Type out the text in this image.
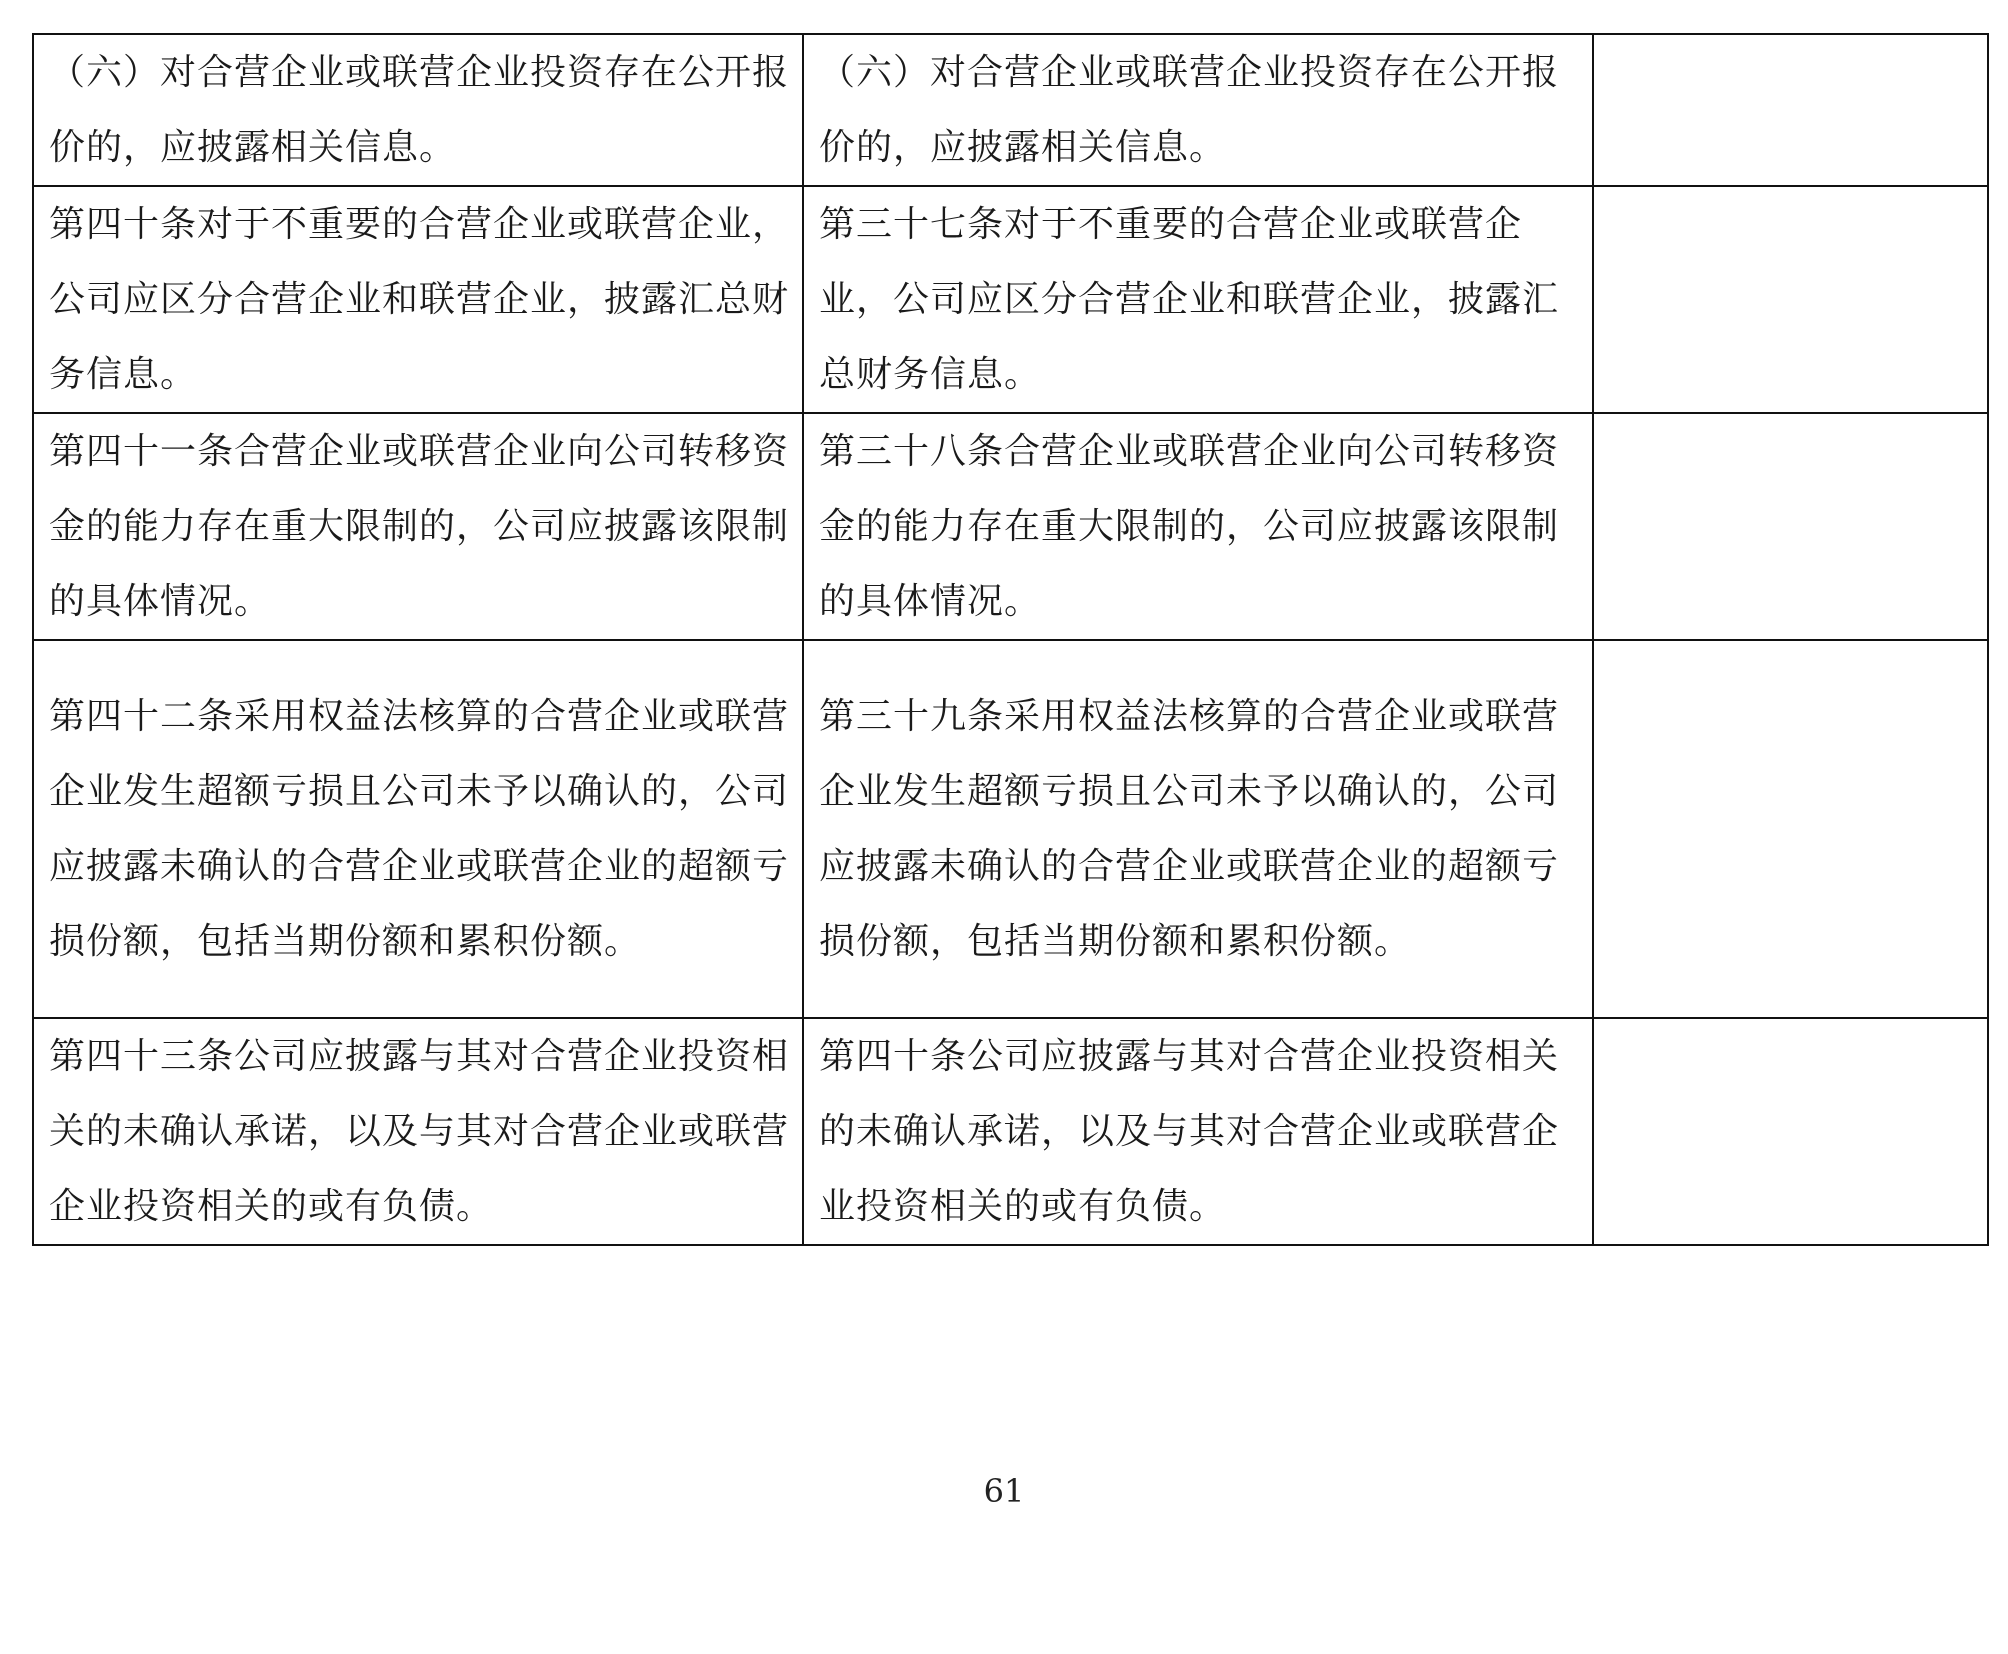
（六）对合营企业或联营企业投资存在公开报价的，应披露相关信息。	（六）对合营企业或联营企业投资存在公开报价的，应披露相关信息。	
第四十条对于不重要的合营企业或联营企业，公司应区分合营企业和联营企业，披露汇总财务信息。	第三十七条对于不重要的合营企业或联营企业，公司应区分合营企业和联营企业，披露汇总财务信息。	
第四十一条合营企业或联营企业向公司转移资金的能力存在重大限制的，公司应披露该限制的具体情况。	第三十八条合营企业或联营企业向公司转移资金的能力存在重大限制的，公司应披露该限制的具体情况。	
第四十二条采用权益法核算的合营企业或联营企业发生超额亏损且公司未予以确认的，公司应披露未确认的合营企业或联营企业的超额亏损份额，包括当期份额和累积份额。	第三十九条采用权益法核算的合营企业或联营企业发生超额亏损且公司未予以确认的，公司应披露未确认的合营企业或联营企业的超额亏损份额，包括当期份额和累积份额。	
第四十三条公司应披露与其对合营企业投资相关的未确认承诺，以及与其对合营企业或联营企业投资相关的或有负债。	第四十条公司应披露与其对合营企业投资相关的未确认承诺，以及与其对合营企业或联营企业投资相关的或有负债。	
61
